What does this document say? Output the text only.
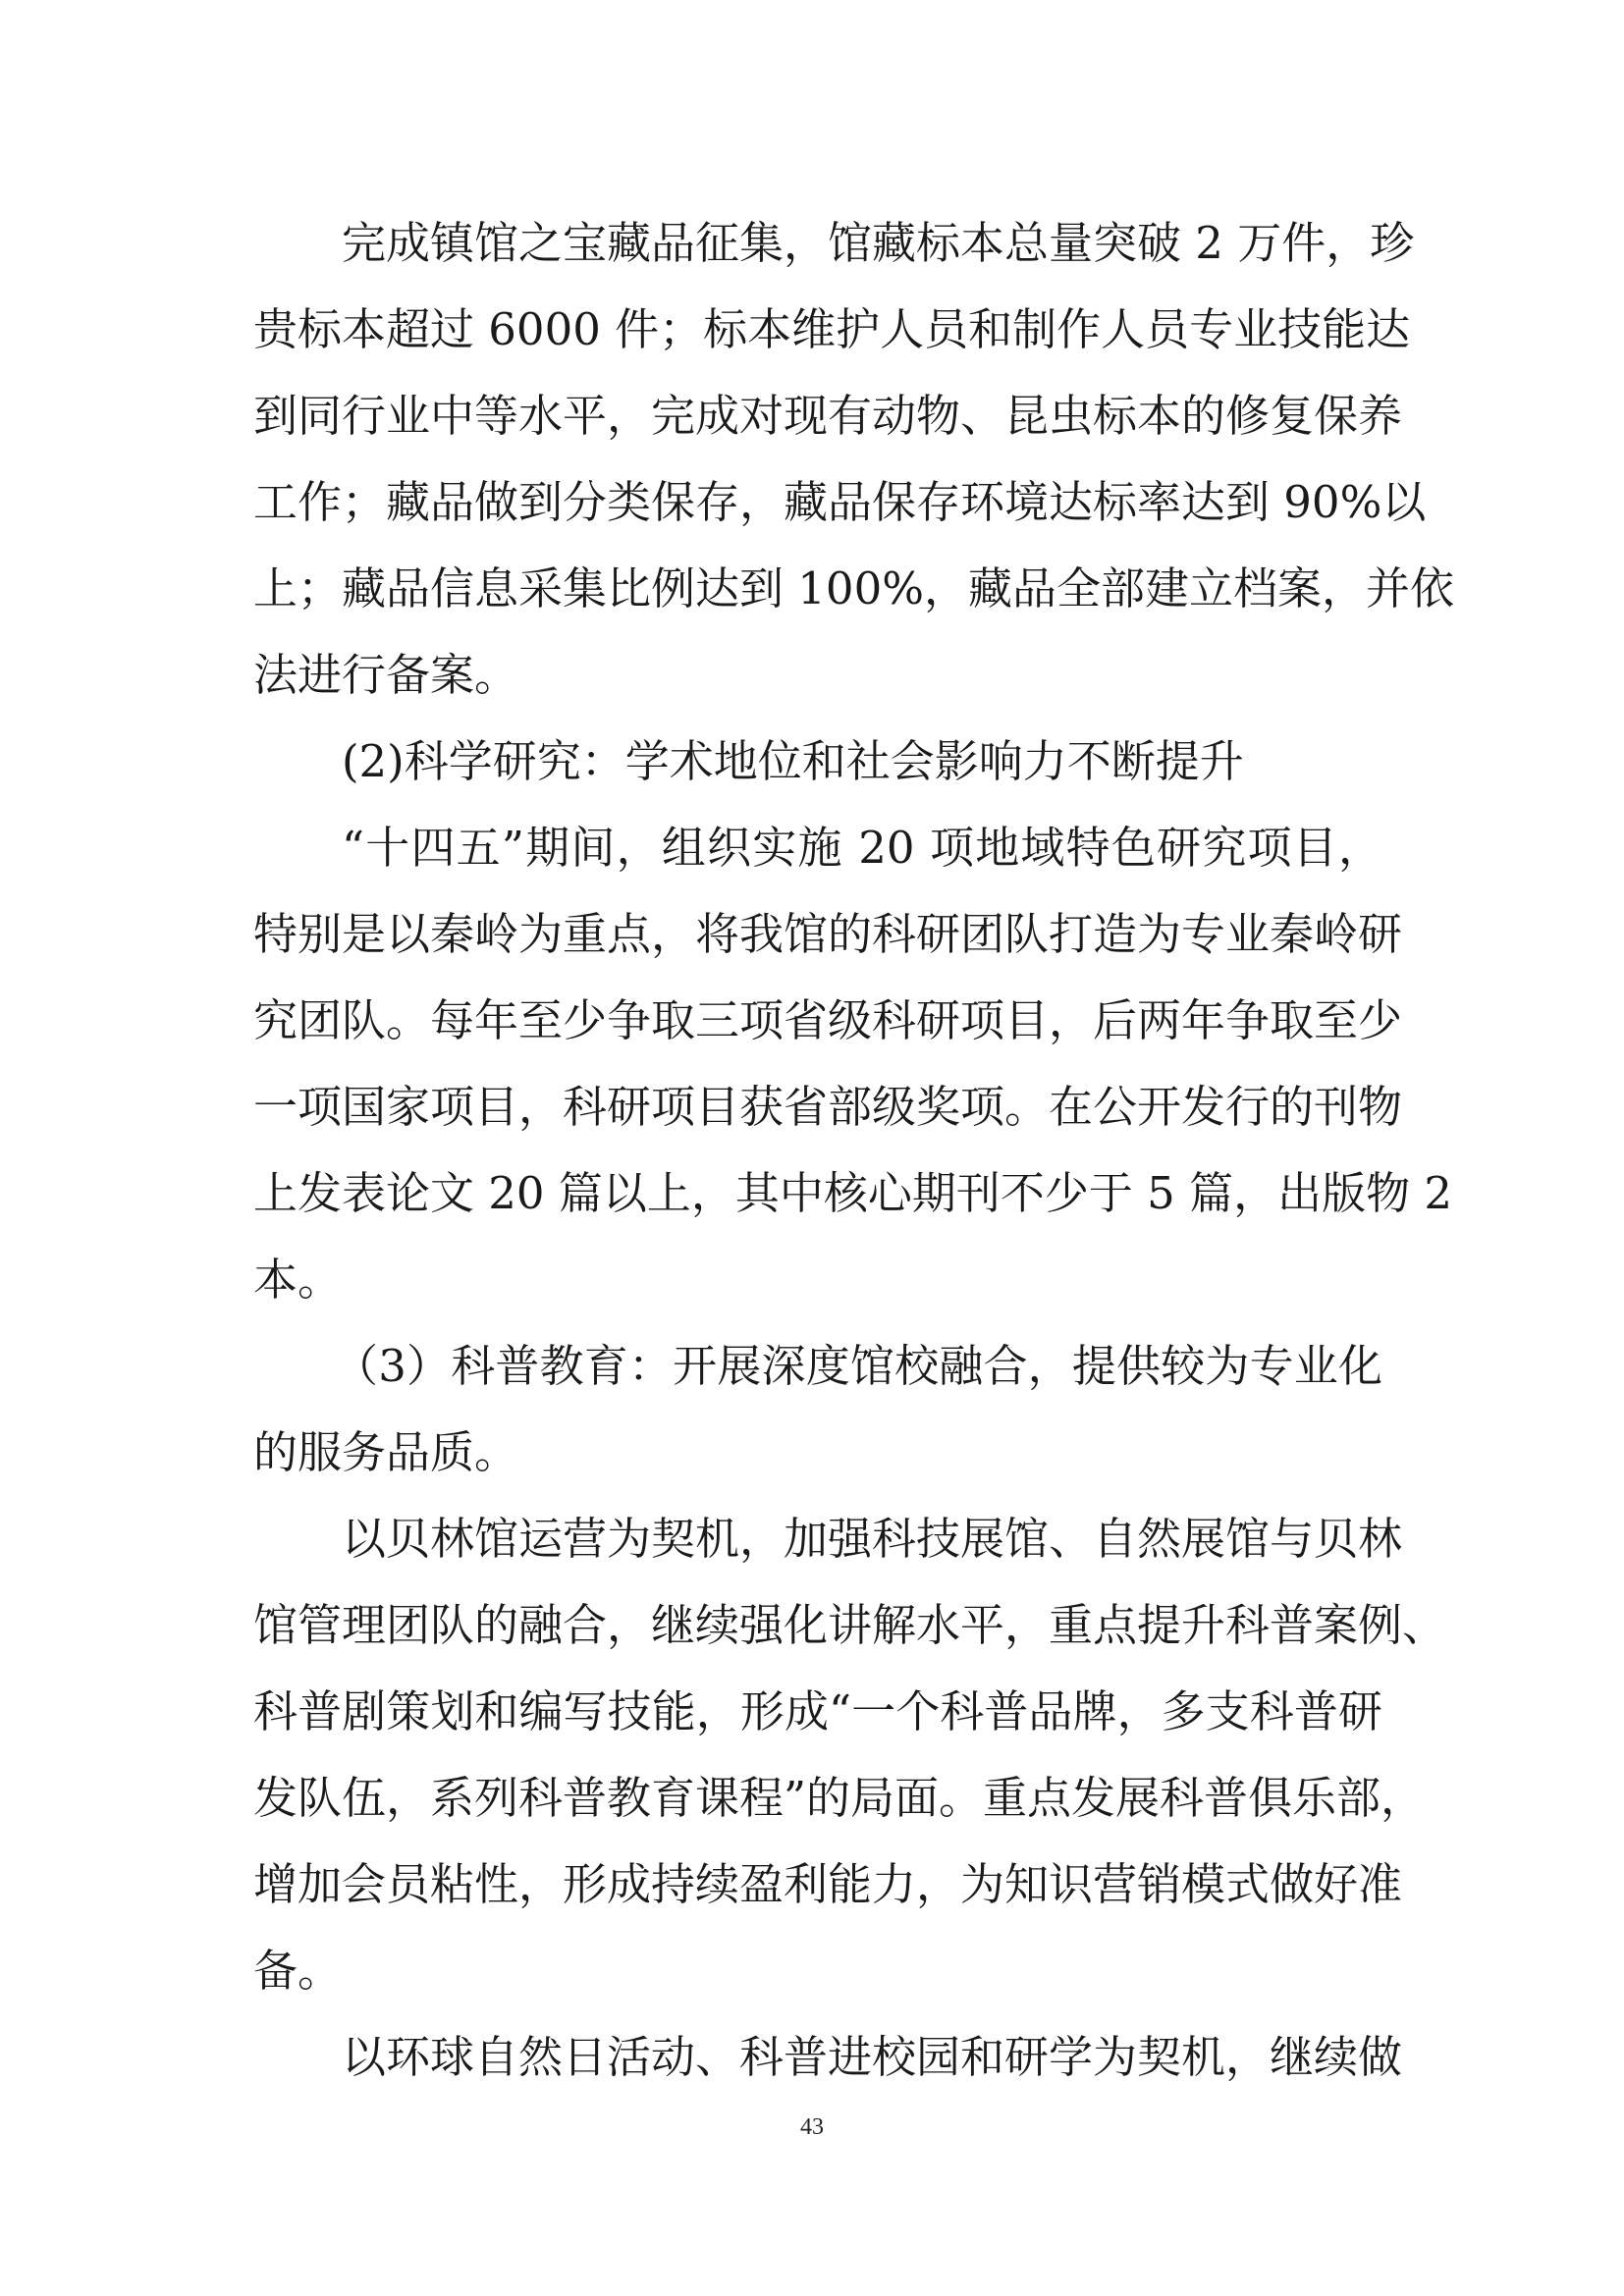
完成镇馆之宝藏品征集，馆藏标本总量突破 2 万件，珍
贵标本超过 6000 件；标本维护人员和制作人员专业技能达
到同行业中等水平，完成对现有动物、昆虫标本的修复保养
工作；藏品做到分类保存，藏品保存环境达标率达到 90%以
上；藏品信息采集比例达到 100%，藏品全部建立档案，并依
法进行备案。
(2)科学研究：学术地位和社会影响力不断提升
“十四五”期间，组织实施 20 项地域特色研究项目，
特别是以秦岭为重点，将我馆的科研团队打造为专业秦岭研
究团队。每年至少争取三项省级科研项目，后两年争取至少
一项国家项目，科研项目获省部级奖项。在公开发行的刊物
上发表论文 20 篇以上，其中核心期刊不少于 5 篇，出版物 2
本。
（3）科普教育：开展深度馆校融合，提供较为专业化
的服务品质。
以贝林馆运营为契机，加强科技展馆、自然展馆与贝林
馆管理团队的融合，继续强化讲解水平，重点提升科普案例、
科普剧策划和编写技能，形成“一个科普品牌，多支科普研
发队伍，系列科普教育课程”的局面。重点发展科普俱乐部，
增加会员粘性，形成持续盈利能力，为知识营销模式做好准
备。
以环球自然日活动、科普进校园和研学为契机，继续做
43
